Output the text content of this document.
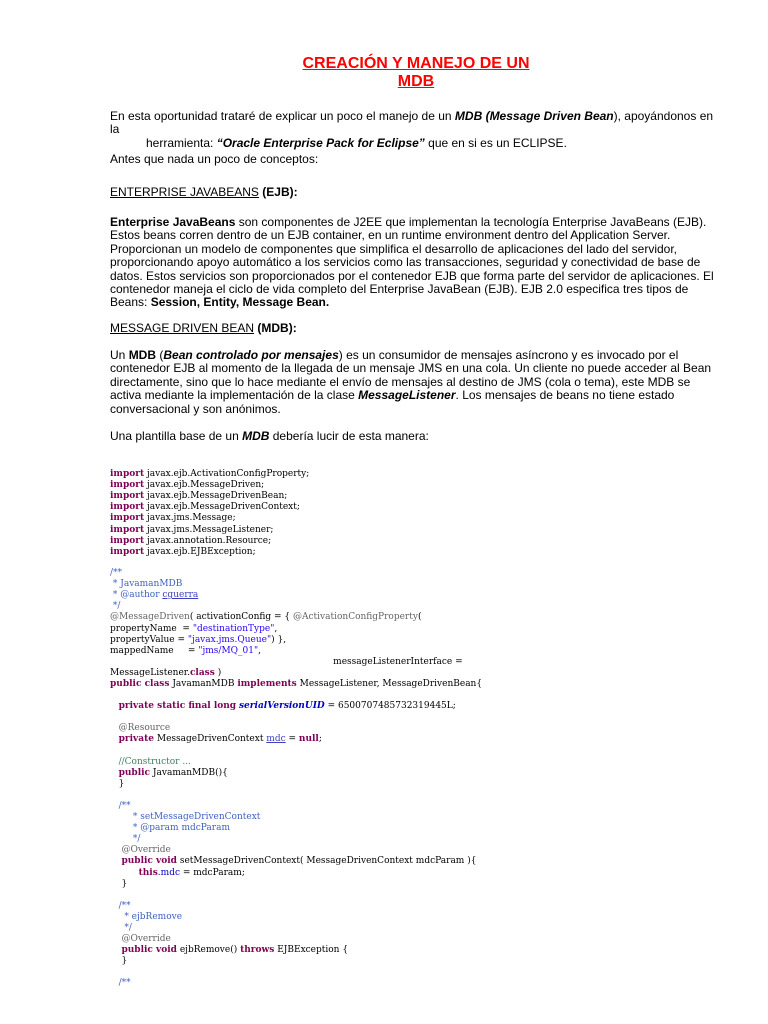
CREACIÓN Y MANEJO DE UN
MDB

En esta oportunidad trataré de explicar un poco el manejo de un MDB (Message Driven Bean), apoyándonos en la
herramienta: “Oracle Enterprise Pack for Eclipse” que en si es un ECLIPSE.

Antes que nada un poco de conceptos:

ENTERPRISE JAVABEANS (EJB):

Enterprise JavaBeans son componentes de J2EE que implementan la tecnología Enterprise JavaBeans (EJB). Estos beans corren dentro de un EJB container, en un runtime environment dentro del Application Server. Proporcionan un modelo de componentes que simplifica el desarrollo de aplicaciones del lado del servidor, proporcionando apoyo automático a los servicios como las transacciones, seguridad y conectividad de base de datos. Estos servicios son proporcionados por el contenedor EJB que forma parte del servidor de aplicaciones. El contenedor maneja el ciclo de vida completo del Enterprise JavaBean (EJB). EJB 2.0 especifica tres tipos de Beans: Session, Entity, Message Bean.

MESSAGE DRIVEN BEAN (MDB):

Un MDB (Bean controlado por mensajes) es un consumidor de mensajes asíncrono y es invocado por el contenedor EJB al momento de la llegada de un mensaje JMS en una cola. Un cliente no puede acceder al Bean directamente, sino que lo hace mediante el envío de mensajes al destino de JMS (cola o tema), este MDB se activa mediante la implementación de la clase MessageListener. Los mensajes de beans no tiene estado conversacional y son anónimos.

Una plantilla base de un MDB debería lucir de esta manera:

import javax.ejb.ActivationConfigProperty;
import javax.ejb.MessageDriven;
import javax.ejb.MessageDrivenBean;
import javax.ejb.MessageDrivenContext;
import javax.jms.Message;
import javax.jms.MessageListener;
import javax.annotation.Resource;
import javax.ejb.EJBException;

/**
* JavamanMDB
* @author cguerra
*/
@MessageDriven( activationConfig = { @ActivationConfigProperty(
propertyName  = "destinationType",
propertyValue = "javax.jms.Queue") },
mappedName     = "jms/MQ_01",
messageListenerInterface =
MessageListener.class )
public class JavamanMDB implements MessageListener, MessageDrivenBean{

private static final long serialVersionUID = 6500707485732319445L;

@Resource
private MessageDrivenContext mdc = null;

//Constructor ...
public JavamanMDB(){
}

/**
* setMessageDrivenContext
* @param mdcParam
*/
@Override
public void setMessageDrivenContext( MessageDrivenContext mdcParam ){
this.mdc = mdcParam;
}

/**
* ejbRemove
*/
@Override
public void ejbRemove() throws EJBException {
}

/**
